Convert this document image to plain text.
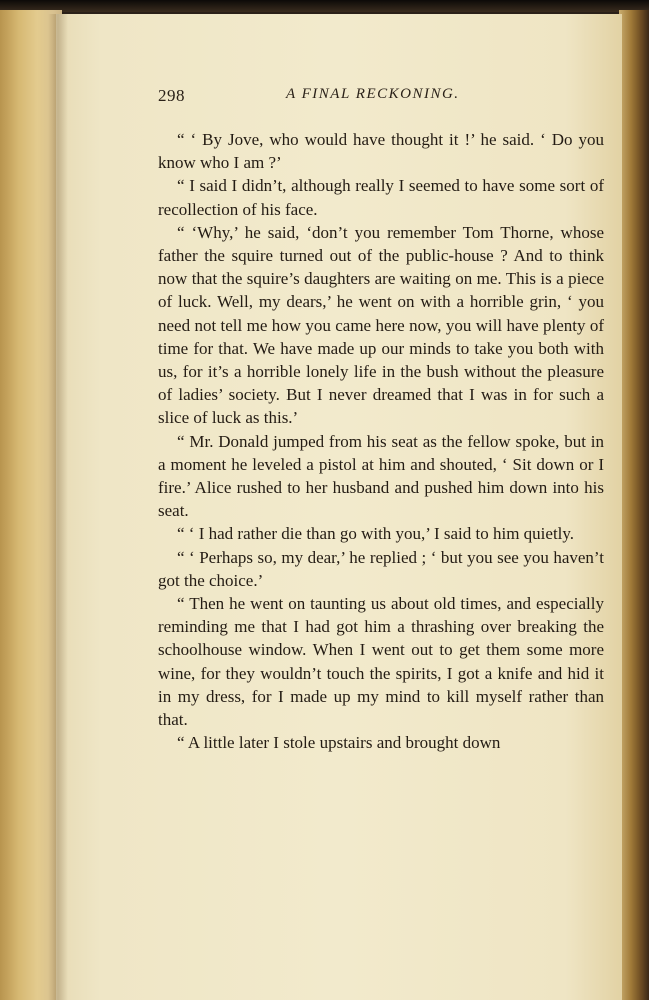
298	A FINAL RECKONING.

“ ‘ By Jove, who would have thought it !’ he said. ‘ Do you know who I am ?’

“ I said I didn’t, although really I seemed to have some sort of recollection of his face.

“ ‘Why,’ he said, ‘don’t you remember Tom Thorne, whose father the squire turned out of the public-house ? And to think now that the squire’s daughters are waiting on me. This is a piece of luck. Well, my dears,’ he went on with a horrible grin, ‘ you need not tell me how you came here now, you will have plenty of time for that. We have made up our minds to take you both with us, for it’s a horrible lonely life in the bush without the pleasure of ladies’ society. But I never dreamed that I was in for such a slice of luck as this.’

“ Mr. Donald jumped from his seat as the fellow spoke, but in a moment he leveled a pistol at him and shouted, ‘ Sit down or I fire.’ Alice rushed to her husband and pushed him down into his seat.

“ ‘ I had rather die than go with you,’ I said to him quietly.

“ ‘ Perhaps so, my dear,’ he replied ; ‘ but you see you haven’t got the choice.’

“ Then he went on taunting us about old times, and especially reminding me that I had got him a thrashing over breaking the schoolhouse window. When I went out to get them some more wine, for they wouldn’t touch the spirits, I got a knife and hid it in my dress, for I made up my mind to kill myself rather than that.

“ A little later I stole upstairs and brought down
